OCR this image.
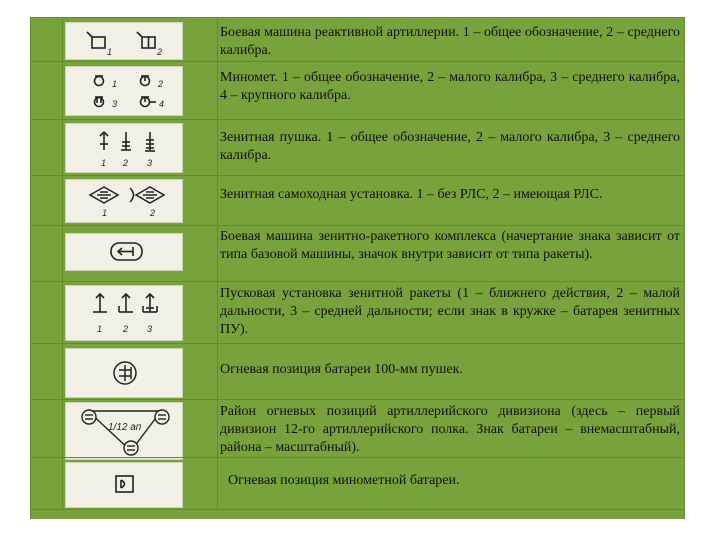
1	2
Боевая машина реактивной артиллерии. 1 – общее обозначение, 2 – среднего калибра.
1	2
3	4
Миномет. 1 – общее обозначение, 2 – малого калибра, 3 – среднего калибра, 4 – крупного калибра.
1 2 3
Зенитная пушка. 1 – общее обозначение, 2 – малого калибра, 3 – среднего калибра.
1	2
Зенитная самоходная установка. 1 – без РЛС, 2 – имеющая РЛС.
Боевая машина зенитно-ракетного комплекса (начертание знака зависит от типа базовой машины, значок внутри зависит от типа ракеты).
1 2 3
Пусковая установка зенитной ракеты (1 – ближнего действия, 2 – малой дальности, 3 – средней дальности; если знак в кружке – батарея зенитных ПУ).
Огневая позиция батареи 100-мм пушек.
1/12 ап
Район огневых позиций артиллерийского дивизиона (здесь – первый дивизион 12-го артиллерийского полка. Знак батареи – внемасштабный, района – масштабный).
Огневая позиция минометной батареи.
